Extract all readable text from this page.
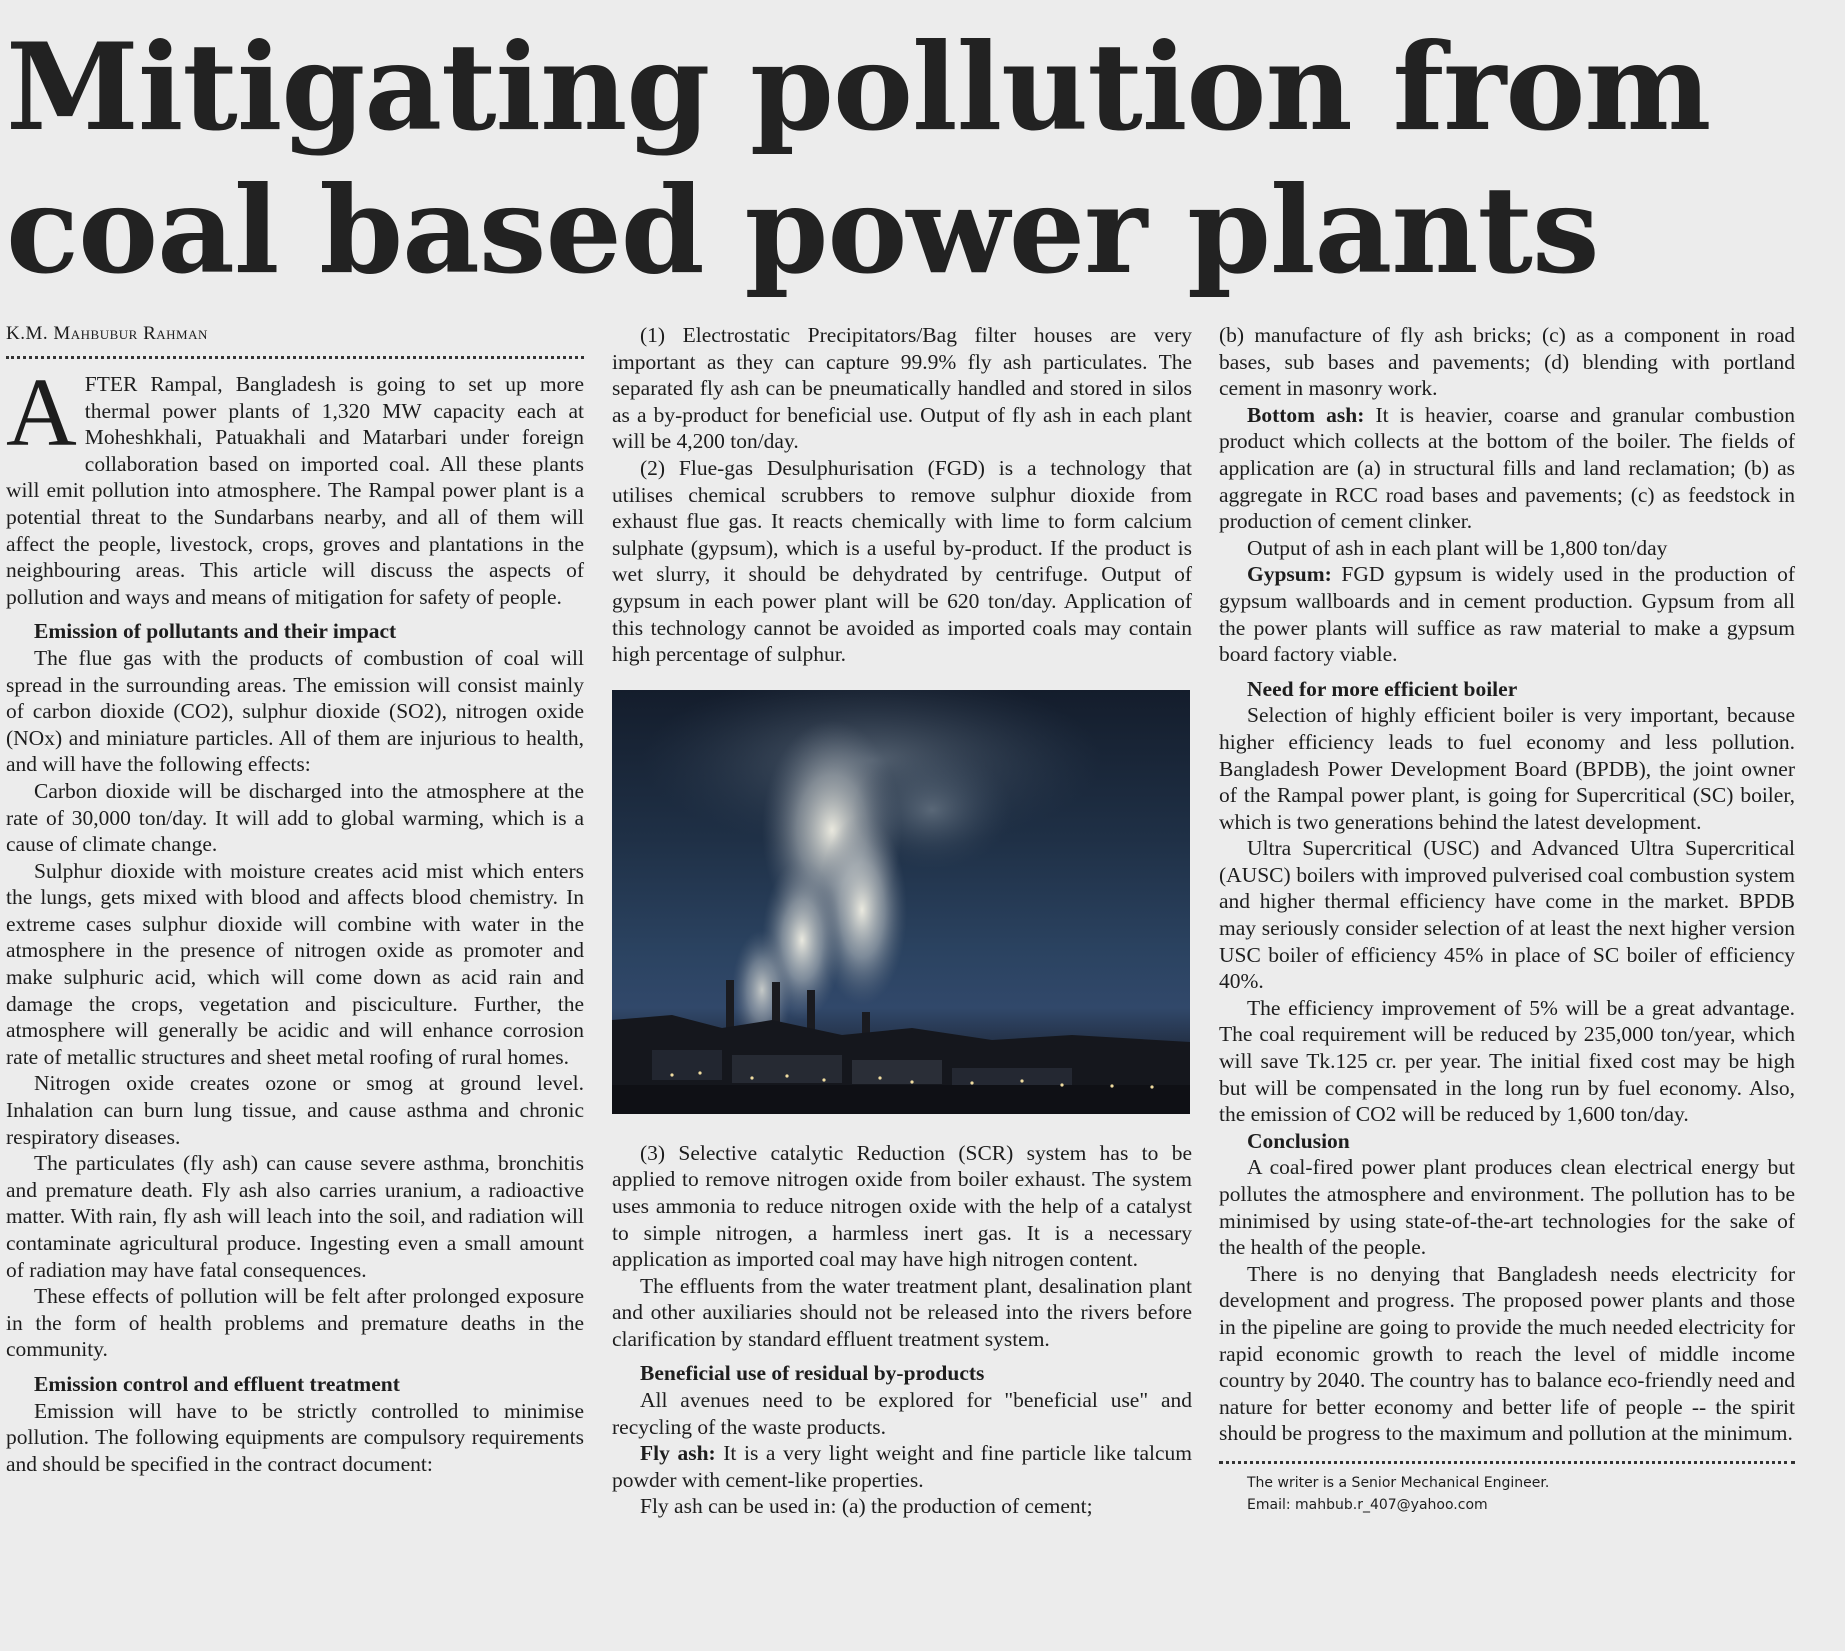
Mitigating pollution from coal based power plants
K.M. Mahbubur Rahman

AFTER Rampal, Bangladesh is going to set up more thermal power plants of 1,320 MW capacity each at Moheshkhali, Patuakhali and Matarbari under foreign collaboration based on imported coal. All these plants will emit pollution into atmosphere. The Rampal power plant is a potential threat to the Sundarbans nearby, and all of them will affect the people, livestock, crops, groves and plantations in the neighbouring areas. This article will discuss the aspects of pollution and ways and means of mitigation for safety of people.

Emission of pollutants and their impact

The flue gas with the products of combustion of coal will spread in the surrounding areas. The emission will consist mainly of carbon dioxide (CO2), sulphur dioxide (SO2), nitrogen oxide (NOx) and miniature particles. All of them are injurious to health, and will have the following effects:

Carbon dioxide will be discharged into the atmosphere at the rate of 30,000 ton/day. It will add to global warming, which is a cause of climate change.

Sulphur dioxide with moisture creates acid mist which enters the lungs, gets mixed with blood and affects blood chemistry. In extreme cases sulphur dioxide will combine with water in the atmosphere in the presence of nitrogen oxide as promoter and make sulphuric acid, which will come down as acid rain and damage the crops, vegetation and pisciculture. Further, the atmosphere will generally be acidic and will enhance corrosion rate of metallic structures and sheet metal roofing of rural homes.

Nitrogen oxide creates ozone or smog at ground level. Inhalation can burn lung tissue, and cause asthma and chronic respiratory diseases.

The particulates (fly ash) can cause severe asthma, bronchitis and premature death. Fly ash also carries uranium, a radioactive matter. With rain, fly ash will leach into the soil, and radiation will contaminate agricultural produce. Ingesting even a small amount of radiation may have fatal consequences.

These effects of pollution will be felt after prolonged exposure in the form of health problems and premature deaths in the community.

Emission control and effluent treatment

Emission will have to be strictly controlled to minimise pollution. The following equipments are compulsory requirements and should be specified in the contract document:

(1) Electrostatic Precipitators/Bag filter houses are very important as they can capture 99.9% fly ash particulates. The separated fly ash can be pneumatically handled and stored in silos as a by-product for beneficial use. Output of fly ash in each plant will be 4,200 ton/day.

(2) Flue-gas Desulphurisation (FGD) is a technology that utilises chemical scrubbers to remove sulphur dioxide from exhaust flue gas. It reacts chemically with lime to form calcium sulphate (gypsum), which is a useful by-product. If the product is wet slurry, it should be dehydrated by centrifuge. Output of gypsum in each power plant will be 620 ton/day. Application of this technology cannot be avoided as imported coals may contain high percentage of sulphur.

(3) Selective catalytic Reduction (SCR) system has to be applied to remove nitrogen oxide from boiler exhaust. The system uses ammonia to reduce nitrogen oxide with the help of a catalyst to simple nitrogen, a harmless inert gas. It is a necessary application as imported coal may have high nitrogen content.

The effluents from the water treatment plant, desalination plant and other auxiliaries should not be released into the rivers before clarification by standard effluent treatment system.

Beneficial use of residual by-products

All avenues need to be explored for "beneficial use" and recycling of the waste products.

Fly ash: It is a very light weight and fine particle like talcum powder with cement-like properties.

Fly ash can be used in: (a) the production of cement;

(b) manufacture of fly ash bricks; (c) as a component in road bases, sub bases and pavements; (d) blending with portland cement in masonry work.

Bottom ash: It is heavier, coarse and granular combustion product which collects at the bottom of the boiler. The fields of application are (a) in structural fills and land reclamation; (b) as aggregate in RCC road bases and pavements; (c) as feedstock in production of cement clinker.

Output of ash in each plant will be 1,800 ton/day

Gypsum: FGD gypsum is widely used in the production of gypsum wallboards and in cement production. Gypsum from all the power plants will suffice as raw material to make a gypsum board factory viable.

Need for more efficient boiler

Selection of highly efficient boiler is very important, because higher efficiency leads to fuel economy and less pollution. Bangladesh Power Development Board (BPDB), the joint owner of the Rampal power plant, is going for Supercritical (SC) boiler, which is two generations behind the latest development.

Ultra Supercritical (USC) and Advanced Ultra Supercritical (AUSC) boilers with improved pulverised coal combustion system and higher thermal efficiency have come in the market. BPDB may seriously consider selection of at least the next higher version USC boiler of efficiency 45% in place of SC boiler of efficiency 40%.

The efficiency improvement of 5% will be a great advantage. The coal requirement will be reduced by 235,000 ton/year, which will save Tk.125 cr. per year. The initial fixed cost may be high but will be compensated in the long run by fuel economy. Also, the emission of CO2 will be reduced by 1,600 ton/day.

Conclusion

A coal-fired power plant produces clean electrical energy but pollutes the atmosphere and environment. The pollution has to be minimised by using state-of-the-art technologies for the sake of the health of the people.

There is no denying that Bangladesh needs electricity for development and progress. The proposed power plants and those in the pipeline are going to provide the much needed electricity for rapid economic growth to reach the level of middle income country by 2040. The country has to balance eco-friendly need and nature for better economy and better life of people -- the spirit should be progress to the maximum and pollution at the minimum.

The writer is a Senior Mechanical Engineer.

Email: mahbub.r_407@yahoo.com
